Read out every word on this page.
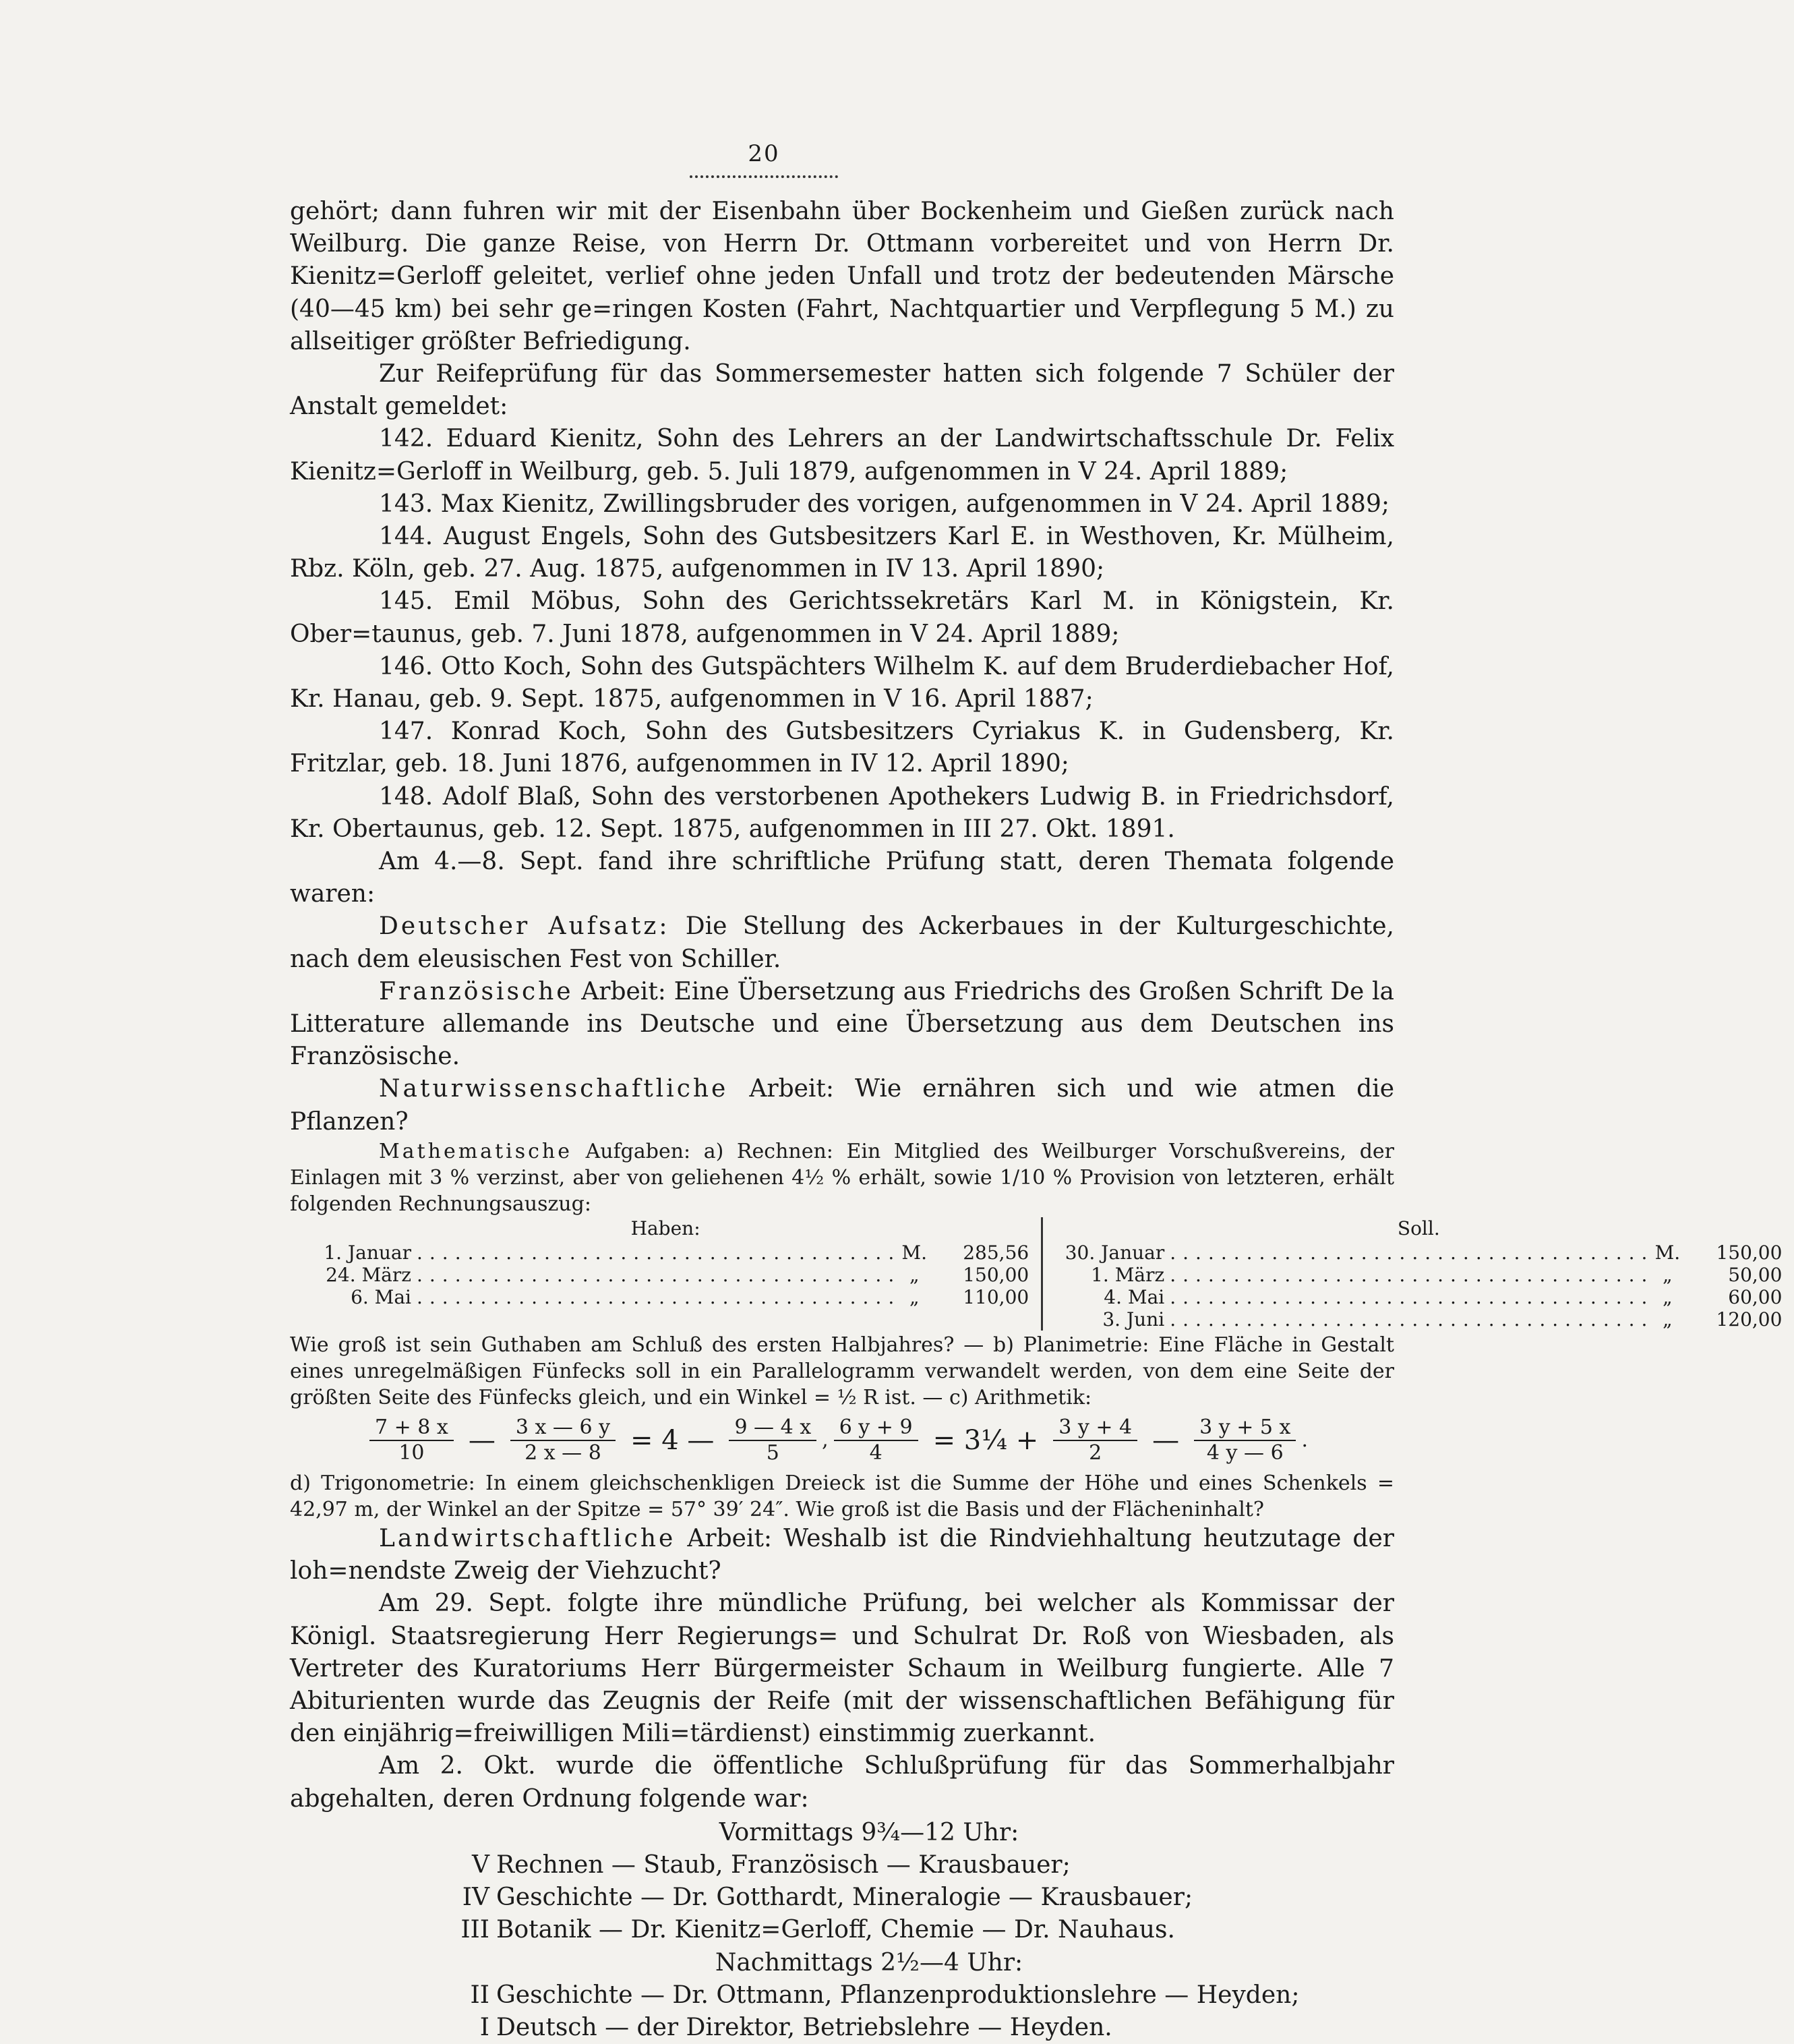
20

gehört; dann fuhren wir mit der Eisenbahn über Bockenheim und Gießen zurück nach Weilburg. Die ganze Reise, von Herrn Dr. Ottmann vorbereitet und von Herrn Dr. Kienitz=Gerloff geleitet, verlief ohne jeden Unfall und trotz der bedeutenden Märsche (40—45 km) bei sehr ge=ringen Kosten (Fahrt, Nachtquartier und Verpflegung 5 M.) zu allseitiger größter Befriedigung.

Zur Reifeprüfung für das Sommersemester hatten sich folgende 7 Schüler der Anstalt gemeldet:

142. Eduard Kienitz, Sohn des Lehrers an der Landwirtschaftsschule Dr. Felix Kienitz=Gerloff in Weilburg, geb. 5. Juli 1879, aufgenommen in V 24. April 1889;

143. Max Kienitz, Zwillingsbruder des vorigen, aufgenommen in V 24. April 1889;

144. August Engels, Sohn des Gutsbesitzers Karl E. in Westhoven, Kr. Mülheim, Rbz. Köln, geb. 27. Aug. 1875, aufgenommen in IV 13. April 1890;

145. Emil Möbus, Sohn des Gerichtssekretärs Karl M. in Königstein, Kr. Ober=taunus, geb. 7. Juni 1878, aufgenommen in V 24. April 1889;

146. Otto Koch, Sohn des Gutspächters Wilhelm K. auf dem Bruderdiebacher Hof, Kr. Hanau, geb. 9. Sept. 1875, aufgenommen in V 16. April 1887;

147. Konrad Koch, Sohn des Gutsbesitzers Cyriakus K. in Gudensberg, Kr. Fritzlar, geb. 18. Juni 1876, aufgenommen in IV 12. April 1890;

148. Adolf Blaß, Sohn des verstorbenen Apothekers Ludwig B. in Friedrichsdorf, Kr. Obertaunus, geb. 12. Sept. 1875, aufgenommen in III 27. Okt. 1891.

Am 4.—8. Sept. fand ihre schriftliche Prüfung statt, deren Themata folgende waren:

Deutscher Aufsatz: Die Stellung des Ackerbaues in der Kulturgeschichte, nach dem eleusischen Fest von Schiller.

Französische Arbeit: Eine Übersetzung aus Friedrichs des Großen Schrift De la Litterature allemande ins Deutsche und eine Übersetzung aus dem Deutschen ins Französische.

Naturwissenschaftliche Arbeit: Wie ernähren sich und wie atmen die Pflanzen?

Mathematische Aufgaben: a) Rechnen: Ein Mitglied des Weilburger Vorschußvereins, der Einlagen mit 3 % verzinst, aber von geliehenen 4½ % erhält, sowie 1/10 % Provision von letzteren, erhält folgenden Rechnungsauszug:

Haben:
1. Januar .....	M.	285,56
24. März .....	„	150,00
6. Mai .....	„	110,00
Soll.
30. Januar .....	M.	150,00
1. März .....	„	50,00
4. Mai .....	„	60,00
3. Juni .....	„	120,00

Wie groß ist sein Guthaben am Schluß des ersten Halbjahres? — b) Planimetrie: Eine Fläche in Gestalt eines unregelmäßigen Fünfecks soll in ein Parallelogramm verwandelt werden, von dem eine Seite der größten Seite des Fünfecks gleich, und ein Winkel = ½ R ist. — c) Arithmetik:

$\frac{7 + 8 x}{10}$ — $\frac{3 x — 6 y}{2 x — 8} = 4$ — $\frac{9 — 4 x}{5}$ , $\frac{6 y + 9}{4}$ = 3¼ + $\frac{3 y + 4}{2}$ — $\frac{3 y + 5 x}{4 y — 6}$ .

d) Trigonometrie: In einem gleichschenkligen Dreieck ist die Summe der Höhe und eines Schenkels = 42,97 m, der Winkel an der Spitze = 57° 39′ 24″. Wie groß ist die Basis und der Flächeninhalt?

Landwirtschaftliche Arbeit: Weshalb ist die Rindviehhaltung heutzutage der loh=nendste Zweig der Viehzucht?

Am 29. Sept. folgte ihre mündliche Prüfung, bei welcher als Kommissar der Königl. Staatsregierung Herr Regierungs= und Schulrat Dr. Roß von Wiesbaden, als Vertreter des Kuratoriums Herr Bürgermeister Schaum in Weilburg fungierte. Alle 7 Abiturienten wurde das Zeugnis der Reife (mit der wissenschaftlichen Befähigung für den einjährig=freiwilligen Mili=tärdienst) einstimmig zuerkannt.

Am 2. Okt. wurde die öffentliche Schlußprüfung für das Sommerhalbjahr abgehalten, deren Ordnung folgende war:

Vormittags 9¾—12 Uhr:
V Rechnen — Staub, Französisch — Krausbauer;
IV Geschichte — Dr. Gotthardt, Mineralogie — Krausbauer;
III Botanik — Dr. Kienitz=Gerloff, Chemie — Dr. Nauhaus.
Nachmittags 2½—4 Uhr:
II Geschichte — Dr. Ottmann, Pflanzenproduktionslehre — Heyden;
I Deutsch — der Direktor, Betriebslehre — Heyden.
